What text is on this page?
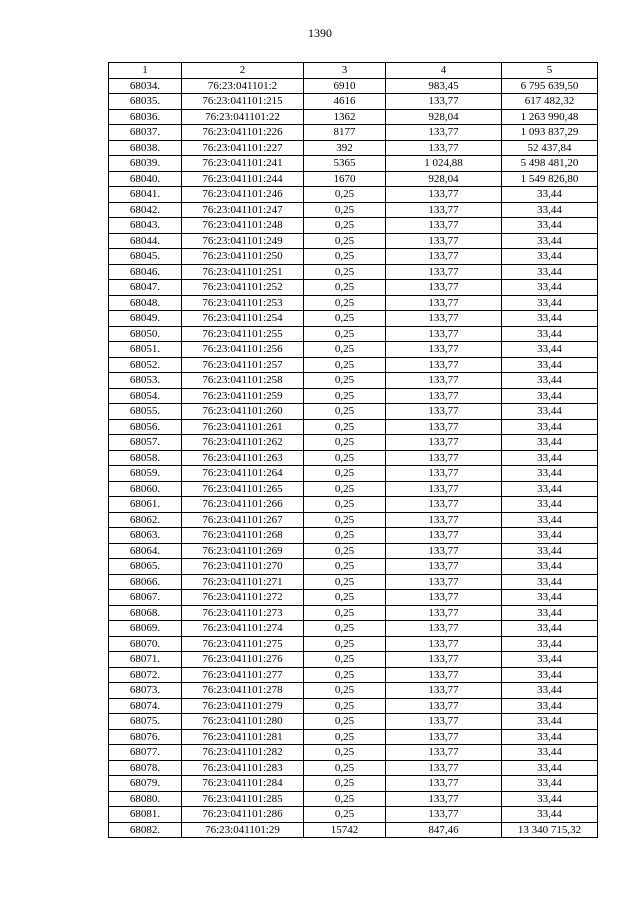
1390
1	2	3	4	5
68034.	76:23:041101:2	6910	983,45	6 795 639,50
68035.	76:23:041101:215	4616	133,77	617 482,32
68036.	76:23:041101:22	1362	928,04	1 263 990,48
68037.	76:23:041101:226	8177	133,77	1 093 837,29
68038.	76:23:041101:227	392	133,77	52 437,84
68039.	76:23:041101:241	5365	1 024,88	5 498 481,20
68040.	76:23:041101:244	1670	928,04	1 549 826,80
68041.	76:23:041101:246	0,25	133,77	33,44
68042.	76:23:041101:247	0,25	133,77	33,44
68043.	76:23:041101:248	0,25	133,77	33,44
68044.	76:23:041101:249	0,25	133,77	33,44
68045.	76:23:041101:250	0,25	133,77	33,44
68046.	76:23:041101:251	0,25	133,77	33,44
68047.	76:23:041101:252	0,25	133,77	33,44
68048.	76:23:041101:253	0,25	133,77	33,44
68049.	76:23:041101:254	0,25	133,77	33,44
68050.	76:23:041101:255	0,25	133,77	33,44
68051.	76:23:041101:256	0,25	133,77	33,44
68052.	76:23:041101:257	0,25	133,77	33,44
68053.	76:23:041101:258	0,25	133,77	33,44
68054.	76:23:041101:259	0,25	133,77	33,44
68055.	76:23:041101:260	0,25	133,77	33,44
68056.	76:23:041101:261	0,25	133,77	33,44
68057.	76:23:041101:262	0,25	133,77	33,44
68058.	76:23:041101:263	0,25	133,77	33,44
68059.	76:23:041101:264	0,25	133,77	33,44
68060.	76:23:041101:265	0,25	133,77	33,44
68061.	76:23:041101:266	0,25	133,77	33,44
68062.	76:23:041101:267	0,25	133,77	33,44
68063.	76:23:041101:268	0,25	133,77	33,44
68064.	76:23:041101:269	0,25	133,77	33,44
68065.	76:23:041101:270	0,25	133,77	33,44
68066.	76:23:041101:271	0,25	133,77	33,44
68067.	76:23:041101:272	0,25	133,77	33,44
68068.	76:23:041101:273	0,25	133,77	33,44
68069.	76:23:041101:274	0,25	133,77	33,44
68070.	76:23:041101:275	0,25	133,77	33,44
68071.	76:23:041101:276	0,25	133,77	33,44
68072.	76:23:041101:277	0,25	133,77	33,44
68073.	76:23:041101:278	0,25	133,77	33,44
68074.	76:23:041101:279	0,25	133,77	33,44
68075.	76:23:041101:280	0,25	133,77	33,44
68076.	76:23:041101:281	0,25	133,77	33,44
68077.	76:23:041101:282	0,25	133,77	33,44
68078.	76:23:041101:283	0,25	133,77	33,44
68079.	76:23:041101:284	0,25	133,77	33,44
68080.	76:23:041101:285	0,25	133,77	33,44
68081.	76:23:041101:286	0,25	133,77	33,44
68082.	76:23:041101:29	15742	847,46	13 340 715,32
